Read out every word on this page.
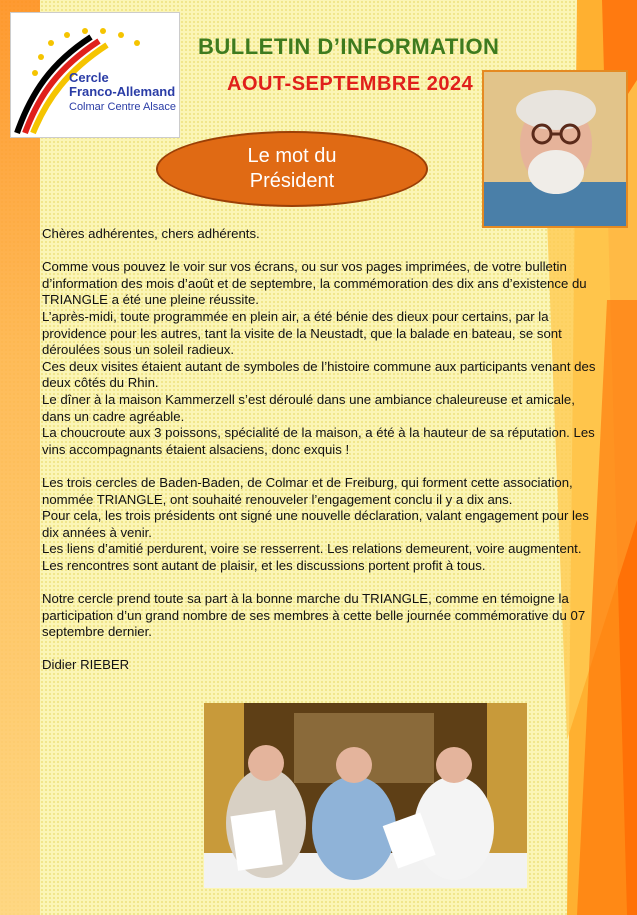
Cercle
Franco-Allemand
Colmar Centre Alsace
BULLETIN D’INFORMATION
AOUT-SEPTEMBRE 2024
Le mot du
Président

Chères adhérentes, chers adhérents.

Comme vous pouvez le voir sur vos écrans, ou sur vos pages imprimées, de votre bulletin d’information des mois d’août et de septembre, la commémoration des dix ans d’existence du TRIANGLE a été une pleine réussite.

L’après-midi, toute programmée en plein air, a été bénie des dieux pour certains, par la providence pour les autres, tant la visite de la Neustadt, que la balade en bateau, se sont déroulées sous un soleil radieux.

Ces deux visites étaient autant de symboles de l’histoire commune aux participants venant des deux côtés du Rhin.

Le dîner à la maison Kammerzell s’est déroulé dans une ambiance chaleureuse et amicale, dans un cadre agréable.

La choucroute aux 3 poissons, spécialité de la maison, a été à la hauteur de sa réputation. Les vins accompagnants étaient alsaciens, donc exquis !

Les trois cercles de Baden-Baden, de Colmar et de Freiburg, qui forment cette association, nommée TRIANGLE, ont souhaité renouveler l’engagement conclu il y a dix ans.

Pour cela, les trois présidents ont signé une nouvelle déclaration, valant engagement pour les dix années à venir.

Les liens d’amitié perdurent, voire se resserrent. Les relations demeurent, voire augmentent. Les rencontres sont autant de plaisir, et les discussions portent profit à tous.

Notre cercle prend toute sa part à la bonne marche du TRIANGLE, comme en témoigne la participation d’un grand nombre de ses membres à cette belle journée commémorative du 07 septembre dernier.

Didier RIEBER
